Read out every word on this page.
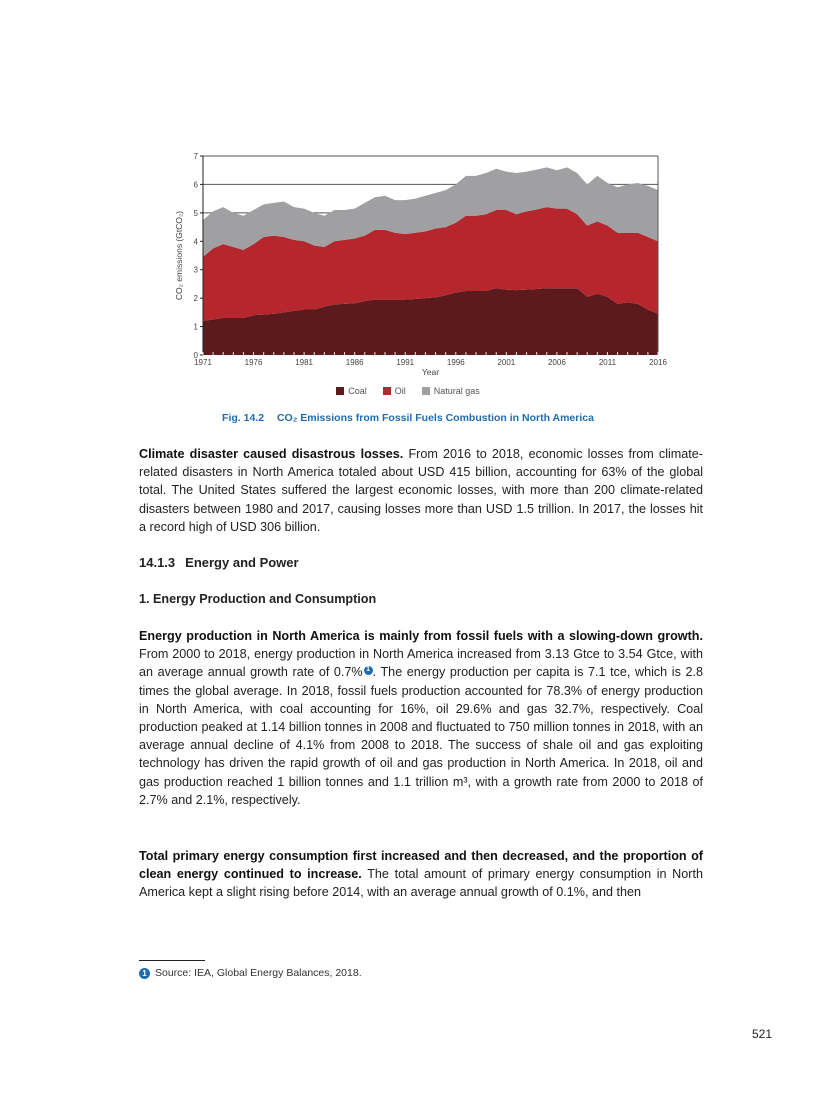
0
1
2
3
4
5
6
7
1971	1976	1981	1986	1991	1996	2001	2006	2011	2016
Year
CO₂ emissions (GtCO₂)
Coal	Oil	Natural gas
Fig. 14.2 CO₂ Emissions from Fossil Fuels Combustion in North America

Climate disaster caused disastrous losses. From 2016 to 2018, economic losses from climate-related disasters in North America totaled about USD 415 billion, accounting for 63% of the global total. The United States suffered the largest economic losses, with more than 200 climate-related disasters between 1980 and 2017, causing losses more than USD 1.5 trillion. In 2017, the losses hit a record high of USD 306 billion.

14.1.3 Energy and Power
1. Energy Production and Consumption

Energy production in North America is mainly from fossil fuels with a slowing-down growth. From 2000 to 2018, energy production in North America increased from 3.13 Gtce to 3.54 Gtce, with an average annual growth rate of 0.7% 1 . The energy production per capita is 7.1 tce, which is 2.8 times the global average. In 2018, fossil fuels production accounted for 78.3% of energy production in North America, with coal accounting for 16%, oil 29.6% and gas 32.7%, respectively. Coal production peaked at 1.14 billion tonnes in 2008 and fluctuated to 750 million tonnes in 2018, with an average annual decline of 4.1% from 2008 to 2018. The success of shale oil and gas exploiting technology has driven the rapid growth of oil and gas production in North America. In 2018, oil and gas production reached 1 billion tonnes and 1.1 trillion m³, with a growth rate from 2000 to 2018 of 2.7% and 2.1%, respectively.

Total primary energy consumption first increased and then decreased, and the proportion of clean energy continued to increase. The total amount of primary energy consumption in North America kept a slight rising before 2014, with an average annual growth of 0.1%, and then

1 Source: IEA, Global Energy Balances, 2018.
521
